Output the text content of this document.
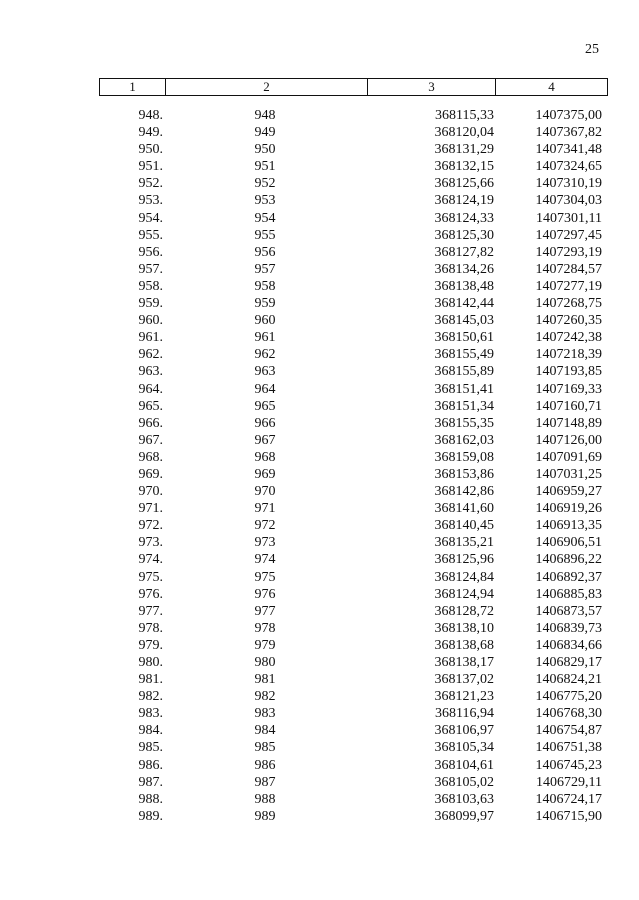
25
1	2	3	4
948.	948	368115,33	1407375,00
949.	949	368120,04	1407367,82
950.	950	368131,29	1407341,48
951.	951	368132,15	1407324,65
952.	952	368125,66	1407310,19
953.	953	368124,19	1407304,03
954.	954	368124,33	1407301,11
955.	955	368125,30	1407297,45
956.	956	368127,82	1407293,19
957.	957	368134,26	1407284,57
958.	958	368138,48	1407277,19
959.	959	368142,44	1407268,75
960.	960	368145,03	1407260,35
961.	961	368150,61	1407242,38
962.	962	368155,49	1407218,39
963.	963	368155,89	1407193,85
964.	964	368151,41	1407169,33
965.	965	368151,34	1407160,71
966.	966	368155,35	1407148,89
967.	967	368162,03	1407126,00
968.	968	368159,08	1407091,69
969.	969	368153,86	1407031,25
970.	970	368142,86	1406959,27
971.	971	368141,60	1406919,26
972.	972	368140,45	1406913,35
973.	973	368135,21	1406906,51
974.	974	368125,96	1406896,22
975.	975	368124,84	1406892,37
976.	976	368124,94	1406885,83
977.	977	368128,72	1406873,57
978.	978	368138,10	1406839,73
979.	979	368138,68	1406834,66
980.	980	368138,17	1406829,17
981.	981	368137,02	1406824,21
982.	982	368121,23	1406775,20
983.	983	368116,94	1406768,30
984.	984	368106,97	1406754,87
985.	985	368105,34	1406751,38
986.	986	368104,61	1406745,23
987.	987	368105,02	1406729,11
988.	988	368103,63	1406724,17
989.	989	368099,97	1406715,90
